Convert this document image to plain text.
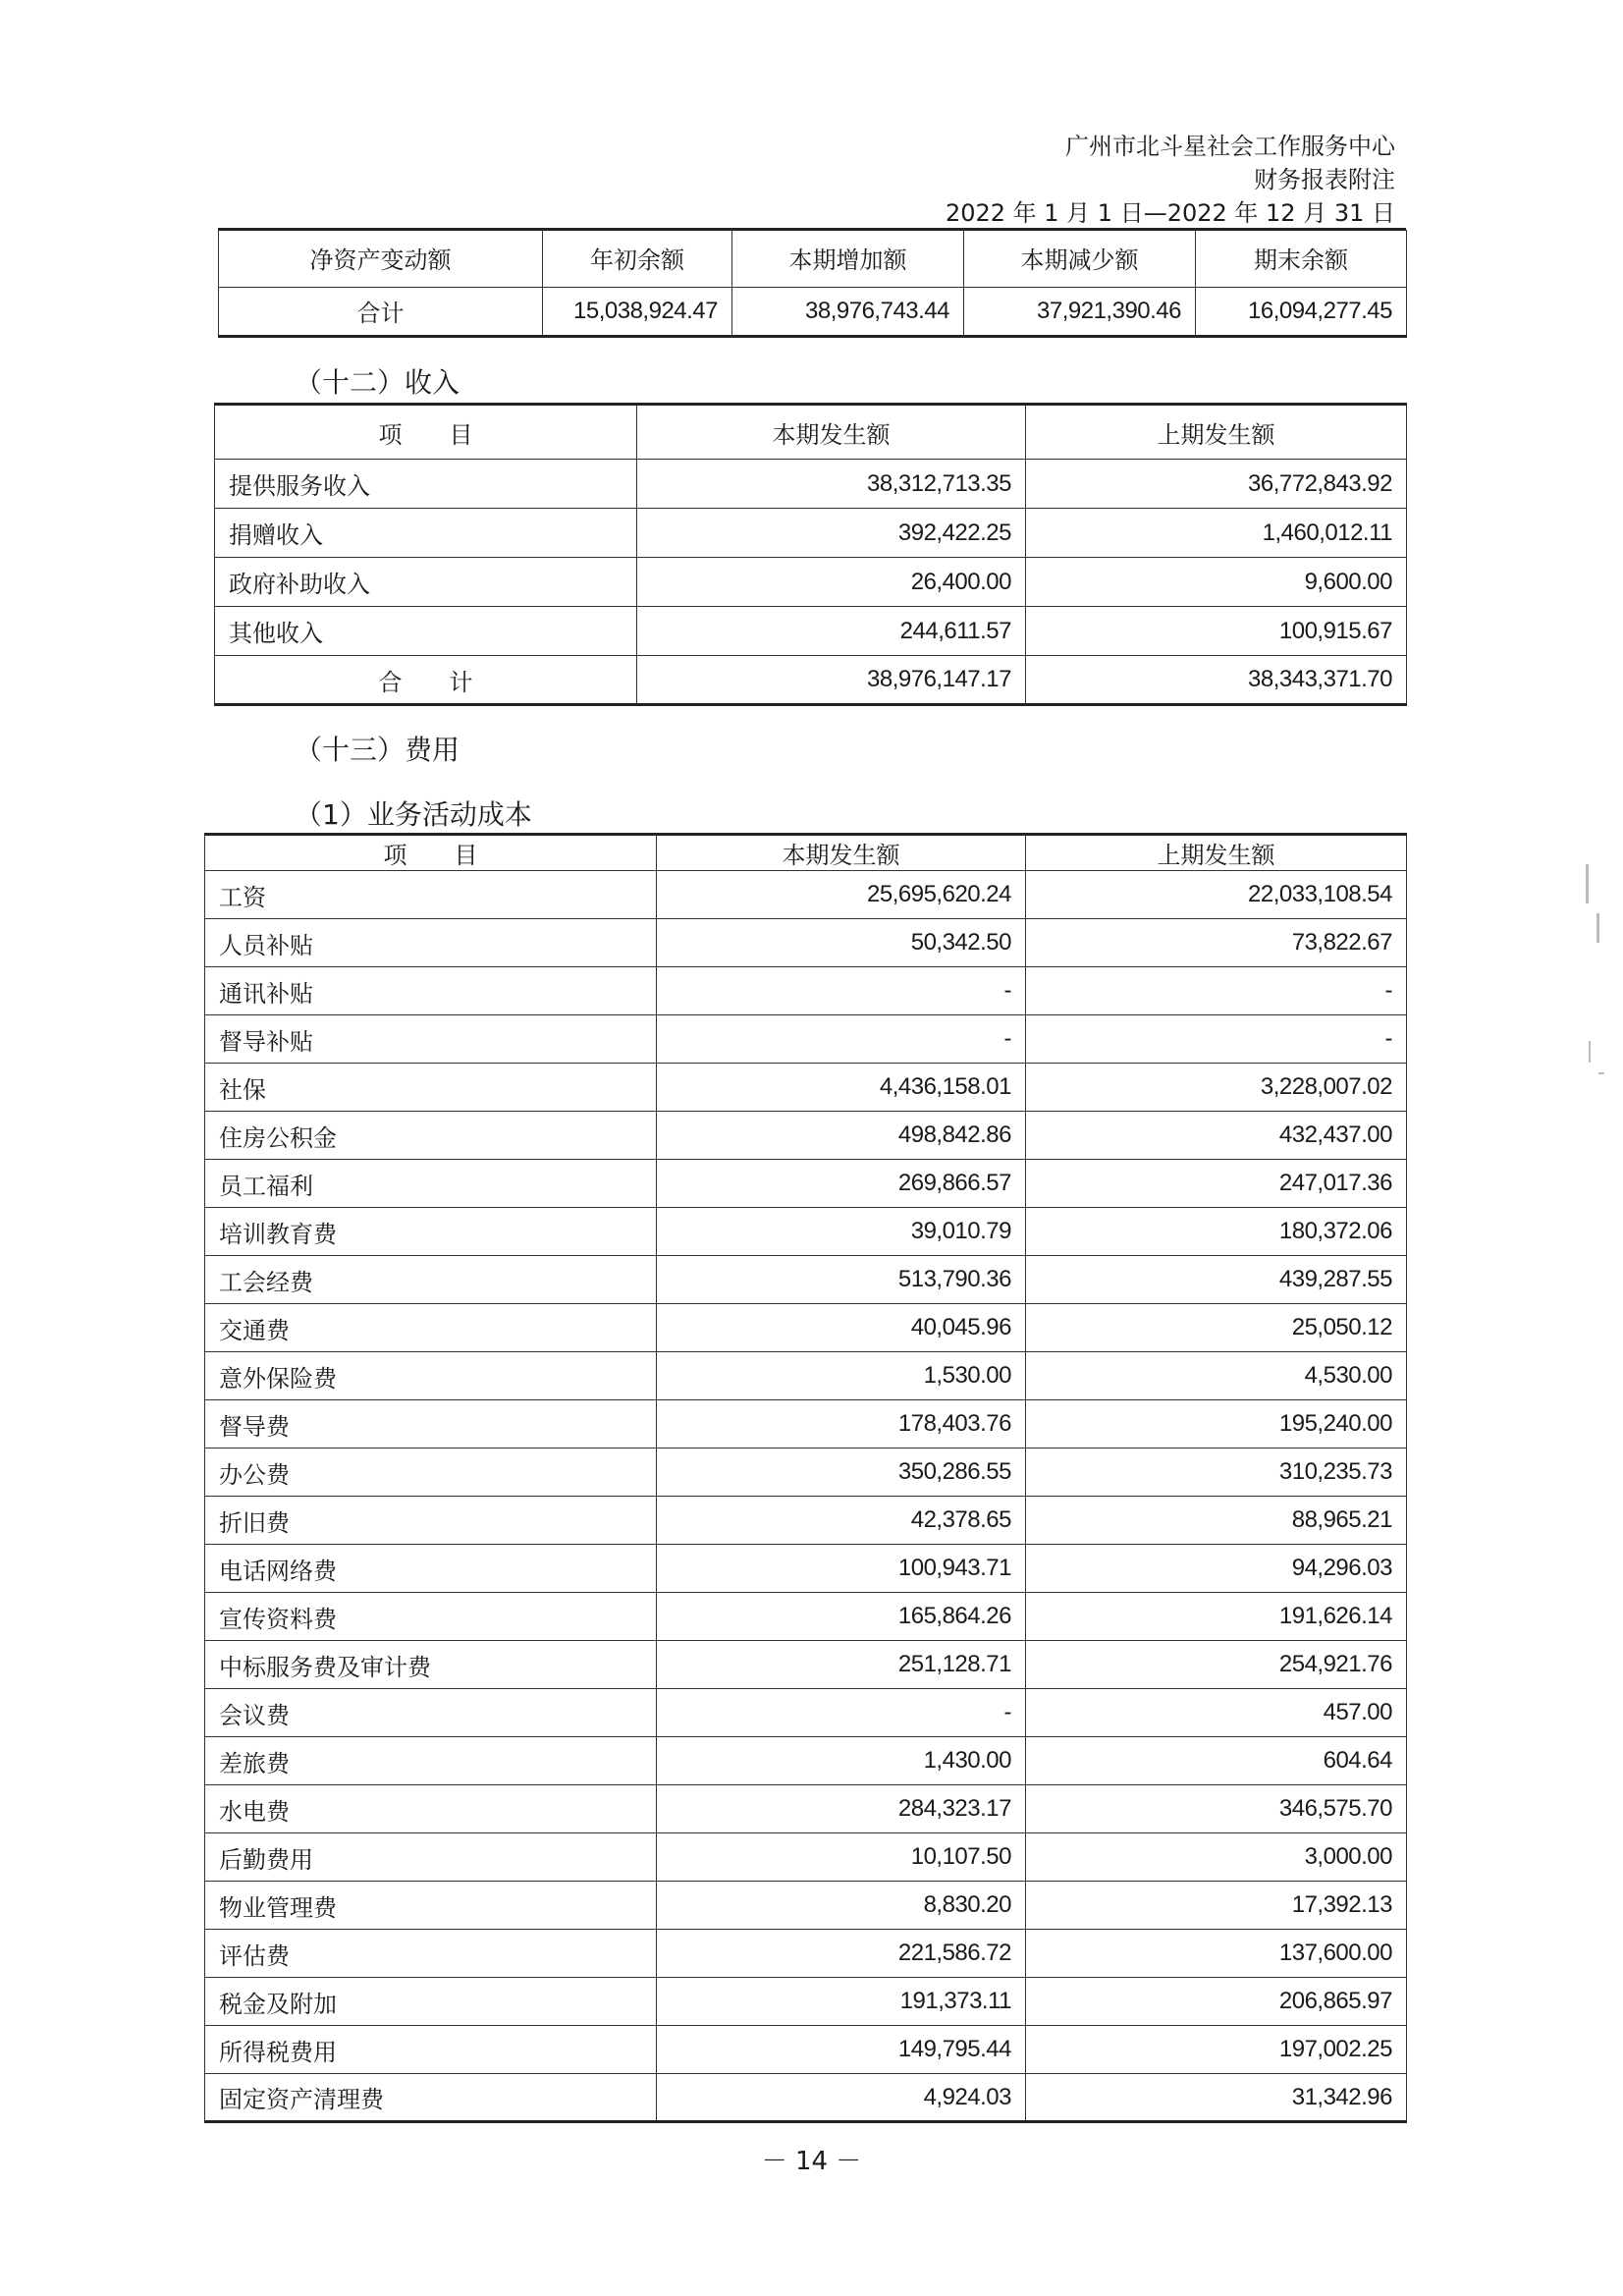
广州市北斗星社会工作服务中心
财务报表附注
2022 年 1 月 1 日—2022 年 12 月 31 日
净资产变动额	年初余额	本期增加额	本期减少额	期末余额
合计	15,038,924.47	38,976,743.44	37,921,390.46	16,094,277.45
（十二）收入
项　　目	本期发生额	上期发生额
提供服务收入	38,312,713.35	36,772,843.92
捐赠收入	392,422.25	1,460,012.11
政府补助收入	26,400.00	9,600.00
其他收入	244,611.57	100,915.67
合　　计	38,976,147.17	38,343,371.70
（十三）费用
（1）业务活动成本
项　　目	本期发生额	上期发生额
工资	25,695,620.24	22,033,108.54
人员补贴	50,342.50	73,822.67
通讯补贴	-	-
督导补贴	-	-
社保	4,436,158.01	3,228,007.02
住房公积金	498,842.86	432,437.00
员工福利	269,866.57	247,017.36
培训教育费	39,010.79	180,372.06
工会经费	513,790.36	439,287.55
交通费	40,045.96	25,050.12
意外保险费	1,530.00	4,530.00
督导费	178,403.76	195,240.00
办公费	350,286.55	310,235.73
折旧费	42,378.65	88,965.21
电话网络费	100,943.71	94,296.03
宣传资料费	165,864.26	191,626.14
中标服务费及审计费	251,128.71	254,921.76
会议费	-	457.00
差旅费	1,430.00	604.64
水电费	284,323.17	346,575.70
后勤费用	10,107.50	3,000.00
物业管理费	8,830.20	17,392.13
评估费	221,586.72	137,600.00
税金及附加	191,373.11	206,865.97
所得税费用	149,795.44	197,002.25
固定资产清理费	4,924.03	31,342.96
－ 14 －
